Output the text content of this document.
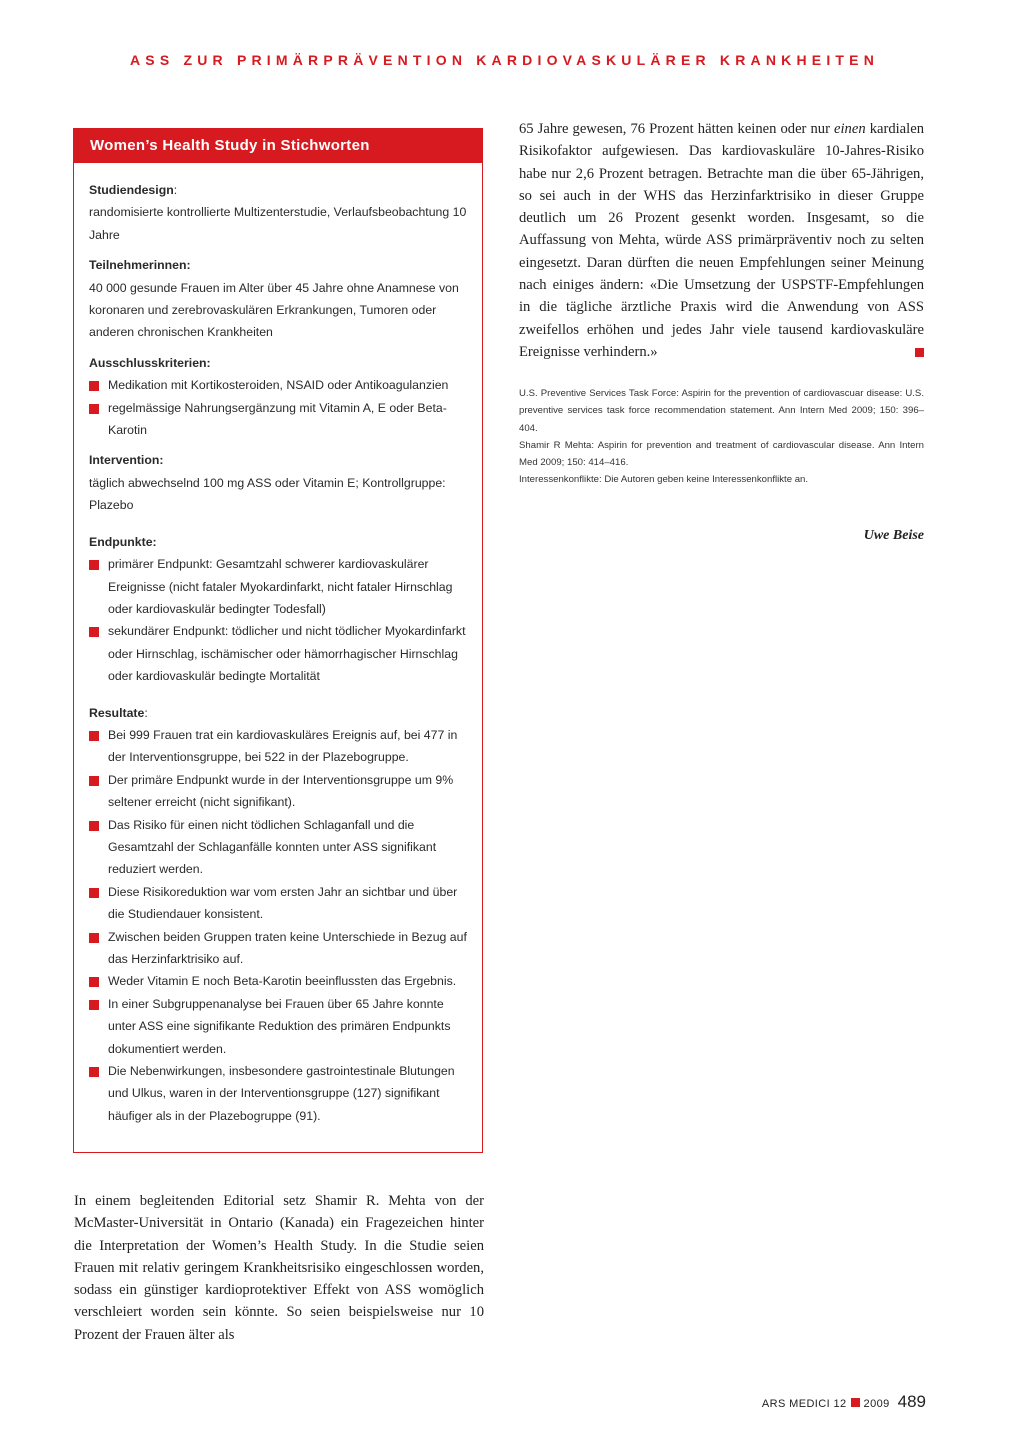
ASS ZUR PRIMÄRPRÄVENTION KARDIOVASKULÄRER KRANKHEITEN
Women’s Health Study in Stichworten
Studiendesign:
randomisierte kontrollierte Multizenterstudie, Verlaufsbeobachtung 10 Jahre
Teilnehmerinnen:
40 000 gesunde Frauen im Alter über 45 Jahre ohne Anamnese von koronaren und zerebrovaskulären Erkrankungen, Tumoren oder anderen chronischen Krankheiten
Ausschlusskriterien:
Medikation mit Kortikosteroiden, NSAID oder Antikoagulanzien
regelmässige Nahrungsergänzung mit Vitamin A, E oder Beta-Karotin
Intervention:
täglich abwechselnd 100 mg ASS oder Vitamin E; Kontrollgruppe: Plazebo
Endpunkte:
primärer Endpunkt: Gesamtzahl schwerer kardiovaskulärer Ereignisse (nicht fataler Myokardinfarkt, nicht fataler Hirnschlag oder kardiovaskulär bedingter Todesfall)
sekundärer Endpunkt: tödlicher und nicht tödlicher Myokardinfarkt oder Hirnschlag, ischämischer oder hämorrhagischer Hirnschlag oder kardiovaskulär bedingte Mortalität
Resultate:
Bei 999 Frauen trat ein kardiovaskuläres Ereignis auf, bei 477 in der Interventionsgruppe, bei 522 in der Plazebogruppe.
Der primäre Endpunkt wurde in der Interventionsgruppe um 9% seltener erreicht (nicht signifikant).
Das Risiko für einen nicht tödlichen Schlaganfall und die Gesamtzahl der Schlaganfälle konnten unter ASS signifikant reduziert werden.
Diese Risikoreduktion war vom ersten Jahr an sichtbar und über die Studiendauer konsistent.
Zwischen beiden Gruppen traten keine Unterschiede in Bezug auf das Herzinfarktrisiko auf.
Weder Vitamin E noch Beta-Karotin beeinflussten das Ergebnis.
In einer Subgruppenanalyse bei Frauen über 65 Jahre konnte unter ASS eine signifikante Reduktion des primären Endpunkts dokumentiert werden.
Die Nebenwirkungen, insbesondere gastrointestinale Blutungen und Ulkus, waren in der Interventionsgruppe (127) signifikant häufiger als in der Plazebogruppe (91).
In einem begleitenden Editorial setz Shamir R. Mehta von der McMaster-Universität in Ontario (Kanada) ein Fragezeichen hinter die Interpretation der Women’s Health Study. In die Studie seien Frauen mit relativ geringem Krankheitsrisiko eingeschlossen worden, sodass ein günstiger kardioprotektiver Effekt von ASS womöglich verschleiert worden sein könnte. So seien beispielsweise nur 10 Prozent der Frauen älter als
65 Jahre gewesen, 76 Prozent hätten keinen oder nur einen kardialen Risikofaktor aufgewiesen. Das kardiovaskuläre 10-Jahres-Risiko habe nur 2,6 Prozent betragen. Betrachte man die über 65-Jährigen, so sei auch in der WHS das Herzinfarktrisiko in dieser Gruppe deutlich um 26 Prozent gesenkt worden. Insgesamt, so die Auffassung von Mehta, würde ASS primärpräventiv noch zu selten eingesetzt. Daran dürften die neuen Empfehlungen seiner Meinung nach einiges ändern: «Die Umsetzung der USPSTF-Empfehlungen in die tägliche ärztliche Praxis wird die Anwendung von ASS zweifellos erhöhen und jedes Jahr viele tausend kardiovaskuläre Ereignisse verhindern.»

U.S. Preventive Services Task Force: Aspirin for the prevention of cardiovascuar disease: U.S. preventive services task force recommendation statement. Ann Intern Med 2009; 150: 396–404.

Shamir R Mehta: Aspirin for prevention and treatment of cardiovascular disease. Ann Intern Med 2009; 150: 414–416.

Interessenkonflikte: Die Autoren geben keine Interessenkonflikte an.

Uwe Beise
ARS MEDICI 12 2009 489
